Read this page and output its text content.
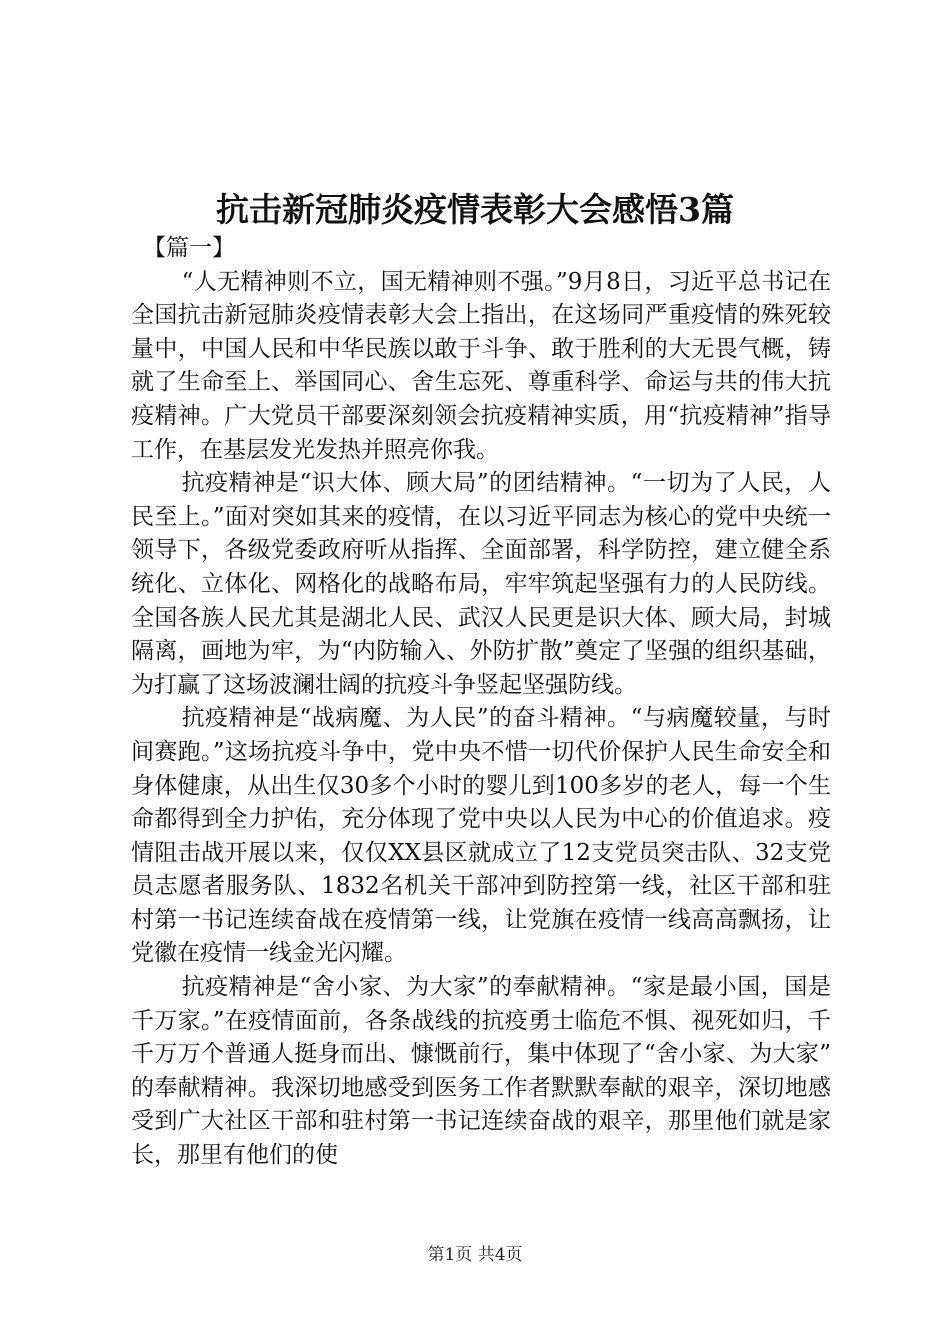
抗击新冠肺炎疫情表彰大会感悟3篇

【篇一】

“人无精神则不立，国无精神则不强。”9月8日，习近平总书记在全国抗击新冠肺炎疫情表彰大会上指出，在这场同严重疫情的殊死较量中，中国人民和中华民族以敢于斗争、敢于胜利的大无畏气概，铸就了生命至上、举国同心、舍生忘死、尊重科学、命运与共的伟大抗疫精神。广大党员干部要深刻领会抗疫精神实质，用“抗疫精神”指导工作，在基层发光发热并照亮你我。

抗疫精神是“识大体、顾大局”的团结精神。“一切为了人民，人民至上。”面对突如其来的疫情，在以习近平同志为核心的党中央统一领导下，各级党委政府听从指挥、全面部署，科学防控，建立健全系统化、立体化、网格化的战略布局，牢牢筑起坚强有力的人民防线。全国各族人民尤其是湖北人民、武汉人民更是识大体、顾大局，封城隔离，画地为牢，为“内防输入、外防扩散”奠定了坚强的组织基础，为打赢了这场波澜壮阔的抗疫斗争竖起坚强防线。

抗疫精神是“战病魔、为人民”的奋斗精神。“与病魔较量，与时间赛跑。”这场抗疫斗争中，党中央不惜一切代价保护人民生命安全和身体健康，从出生仅30多个小时的婴儿到100多岁的老人，每一个生命都得到全力护佑，充分体现了党中央以人民为中心的价值追求。疫情阻击战开展以来，仅仅XX县区就成立了12支党员突击队、32支党员志愿者服务队、1832名机关干部冲到防控第一线，社区干部和驻村第一书记连续奋战在疫情第一线，让党旗在疫情一线高高飘扬，让党徽在疫情一线金光闪耀。

抗疫精神是“舍小家、为大家”的奉献精神。“家是最小国，国是千万家。”在疫情面前，各条战线的抗疫勇士临危不惧、视死如归，千千万万个普通人挺身而出、慷慨前行，集中体现了“舍小家、为大家”的奉献精神。我深切地感受到医务工作者默默奉献的艰辛，深切地感受到广大社区干部和驻村第一书记连续奋战的艰辛，那里他们就是家长，那里有他们的使

第1页 共4页
